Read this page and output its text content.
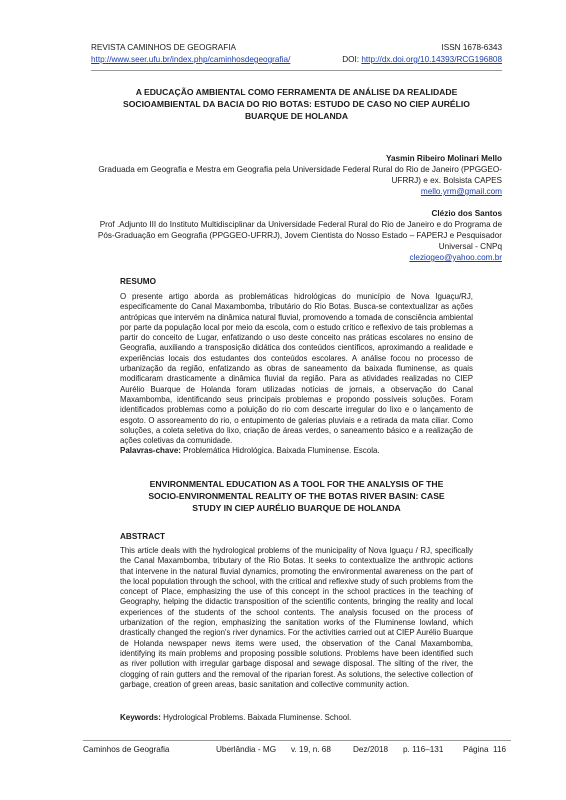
REVISTA CAMINHOS DE GEOGRAFIA	ISSN 1678-6343
http://www.seer.ufu.br/index.php/caminhosdegeografia/	DOI: http://dx.doi.org/10.14393/RCG196808
A EDUCAÇÃO AMBIENTAL COMO FERRAMENTA DE ANÁLISE DA REALIDADE
SOCIOAMBIENTAL DA BACIA DO RIO BOTAS: ESTUDO DE CASO NO CIEP AURÉLIO
BUARQUE DE HOLANDA
Yasmin Ribeiro Molinari Mello
Graduada em Geografia e Mestra em Geografia pela Universidade Federal Rural do Rio de Janeiro (PPGGEO-
UFRRJ) e ex. Bolsista CAPES
mello.yrm@gmail.com
Clézio dos Santos
Prof .Adjunto III do Instituto Multidisciplinar da Universidade Federal Rural do Rio de Janeiro e do Programa de
Pós-Graduação em Geografia (PPGGEO-UFRRJ), Jovem Cientista do Nosso Estado – FAPERJ e Pesquisador
Universal - CNPq
cleziogeo@yahoo.com.br
RESUMO

O presente artigo aborda as problemáticas hidrológicas do município de Nova Iguaçu/RJ, especificamente do Canal Maxambomba, tributário do Rio Botas. Busca-se contextualizar as ações antrópicas que intervém na dinâmica natural fluvial, promovendo a tomada de consciência ambiental por parte da população local por meio da escola, com o estudo crítico e reflexivo de tais problemas a partir do conceito de Lugar, enfatizando o uso deste conceito nas práticas escolares no ensino de Geografia, auxiliando a transposição didática dos conteúdos científicos, aproximando a realidade e experiências locais dos estudantes dos conteúdos escolares. A análise focou no processo de urbanização da região, enfatizando as obras de saneamento da baixada fluminense, as quais modificaram drasticamente a dinâmica fluvial da região. Para as atividades realizadas no CIEP Aurélio Buarque de Holanda foram utilizadas notícias de jornais, a observação do Canal Maxambomba, identificando seus principais problemas e propondo possíveis soluções. Foram identificados problemas como a poluição do rio com descarte irregular do lixo e o lançamento de esgoto. O assoreamento do rio, o entupimento de galerias pluviais e a retirada da mata ciliar. Como soluções, a coleta seletiva do lixo, criação de áreas verdes, o saneamento básico e a realização de ações coletivas da comunidade.

Palavras-chave: Problemática Hidrológica. Baixada Fluminense. Escola.
ENVIRONMENTAL EDUCATION AS A TOOL FOR THE ANALYSIS OF THE
SOCIO-ENVIRONMENTAL REALITY OF THE BOTAS RIVER BASIN: CASE
STUDY IN CIEP AURÉLIO BUARQUE DE HOLANDA
ABSTRACT

This article deals with the hydrological problems of the municipality of Nova Iguaçu / RJ, specifically the Canal Maxambomba, tributary of the Rio Botas. It seeks to contextualize the anthropic actions that intervene in the natural fluvial dynamics, promoting the environmental awareness on the part of the local population through the school, with the critical and reflexive study of such problems from the concept of Place, emphasizing the use of this concept in the school practices in the teaching of Geography, helping the didactic transposition of the scientific contents, bringing the reality and local experiences of the students of the school contents. The analysis focused on the process of urbanization of the region, emphasizing the sanitation works of the Fluminense lowland, which drastically changed the region's river dynamics. For the activities carried out at CIEP Aurélio Buarque de Holanda newspaper news items were used, the observation of the Canal Maxambomba, identifying its main problems and proposing possible solutions. Problems have been identified such as river pollution with irregular garbage disposal and sewage disposal. The silting of the river, the clogging of rain gutters and the removal of the riparian forest. As solutions, the selective collection of garbage, creation of green areas, basic sanitation and collective community action.

Keywords: Hydrological Problems. Baixada Fluminense. School.
Caminhos de Geografia	Uberlândia - MG	v. 19, n. 68	Dez/2018	p. 116–131	Página  116
